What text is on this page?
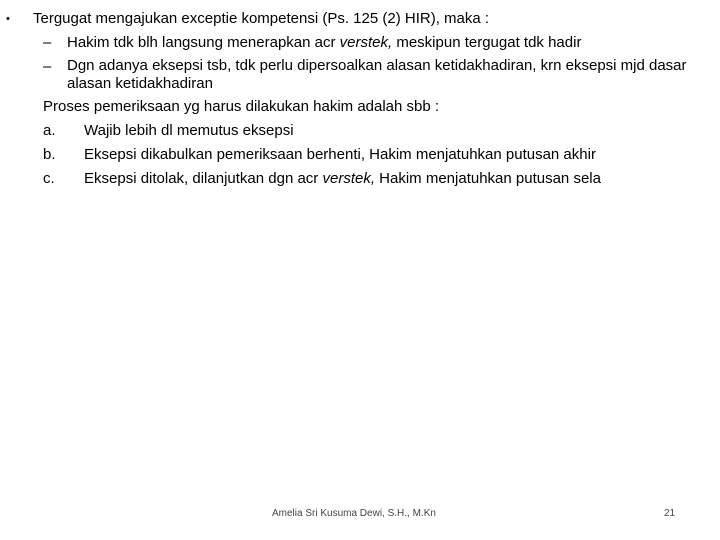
• Tergugat mengajukan exceptie kompetensi (Ps. 125 (2) HIR), maka :
– Hakim tdk blh langsung menerapkan acr verstek, meskipun tergugat tdk hadir
– Dgn adanya eksepsi tsb, tdk perlu dipersoalkan alasan ketidakhadiran, krn eksepsi mjd dasar alasan ketidakhadiran
Proses pemeriksaan yg harus dilakukan hakim adalah sbb :
a. Wajib lebih dl memutus eksepsi
b. Eksepsi dikabulkan pemeriksaan berhenti, Hakim menjatuhkan putusan akhir
c. Eksepsi ditolak, dilanjutkan dgn acr verstek, Hakim menjatuhkan putusan sela
Amelia Sri Kusuma Dewi, S.H., M.Kn	21
